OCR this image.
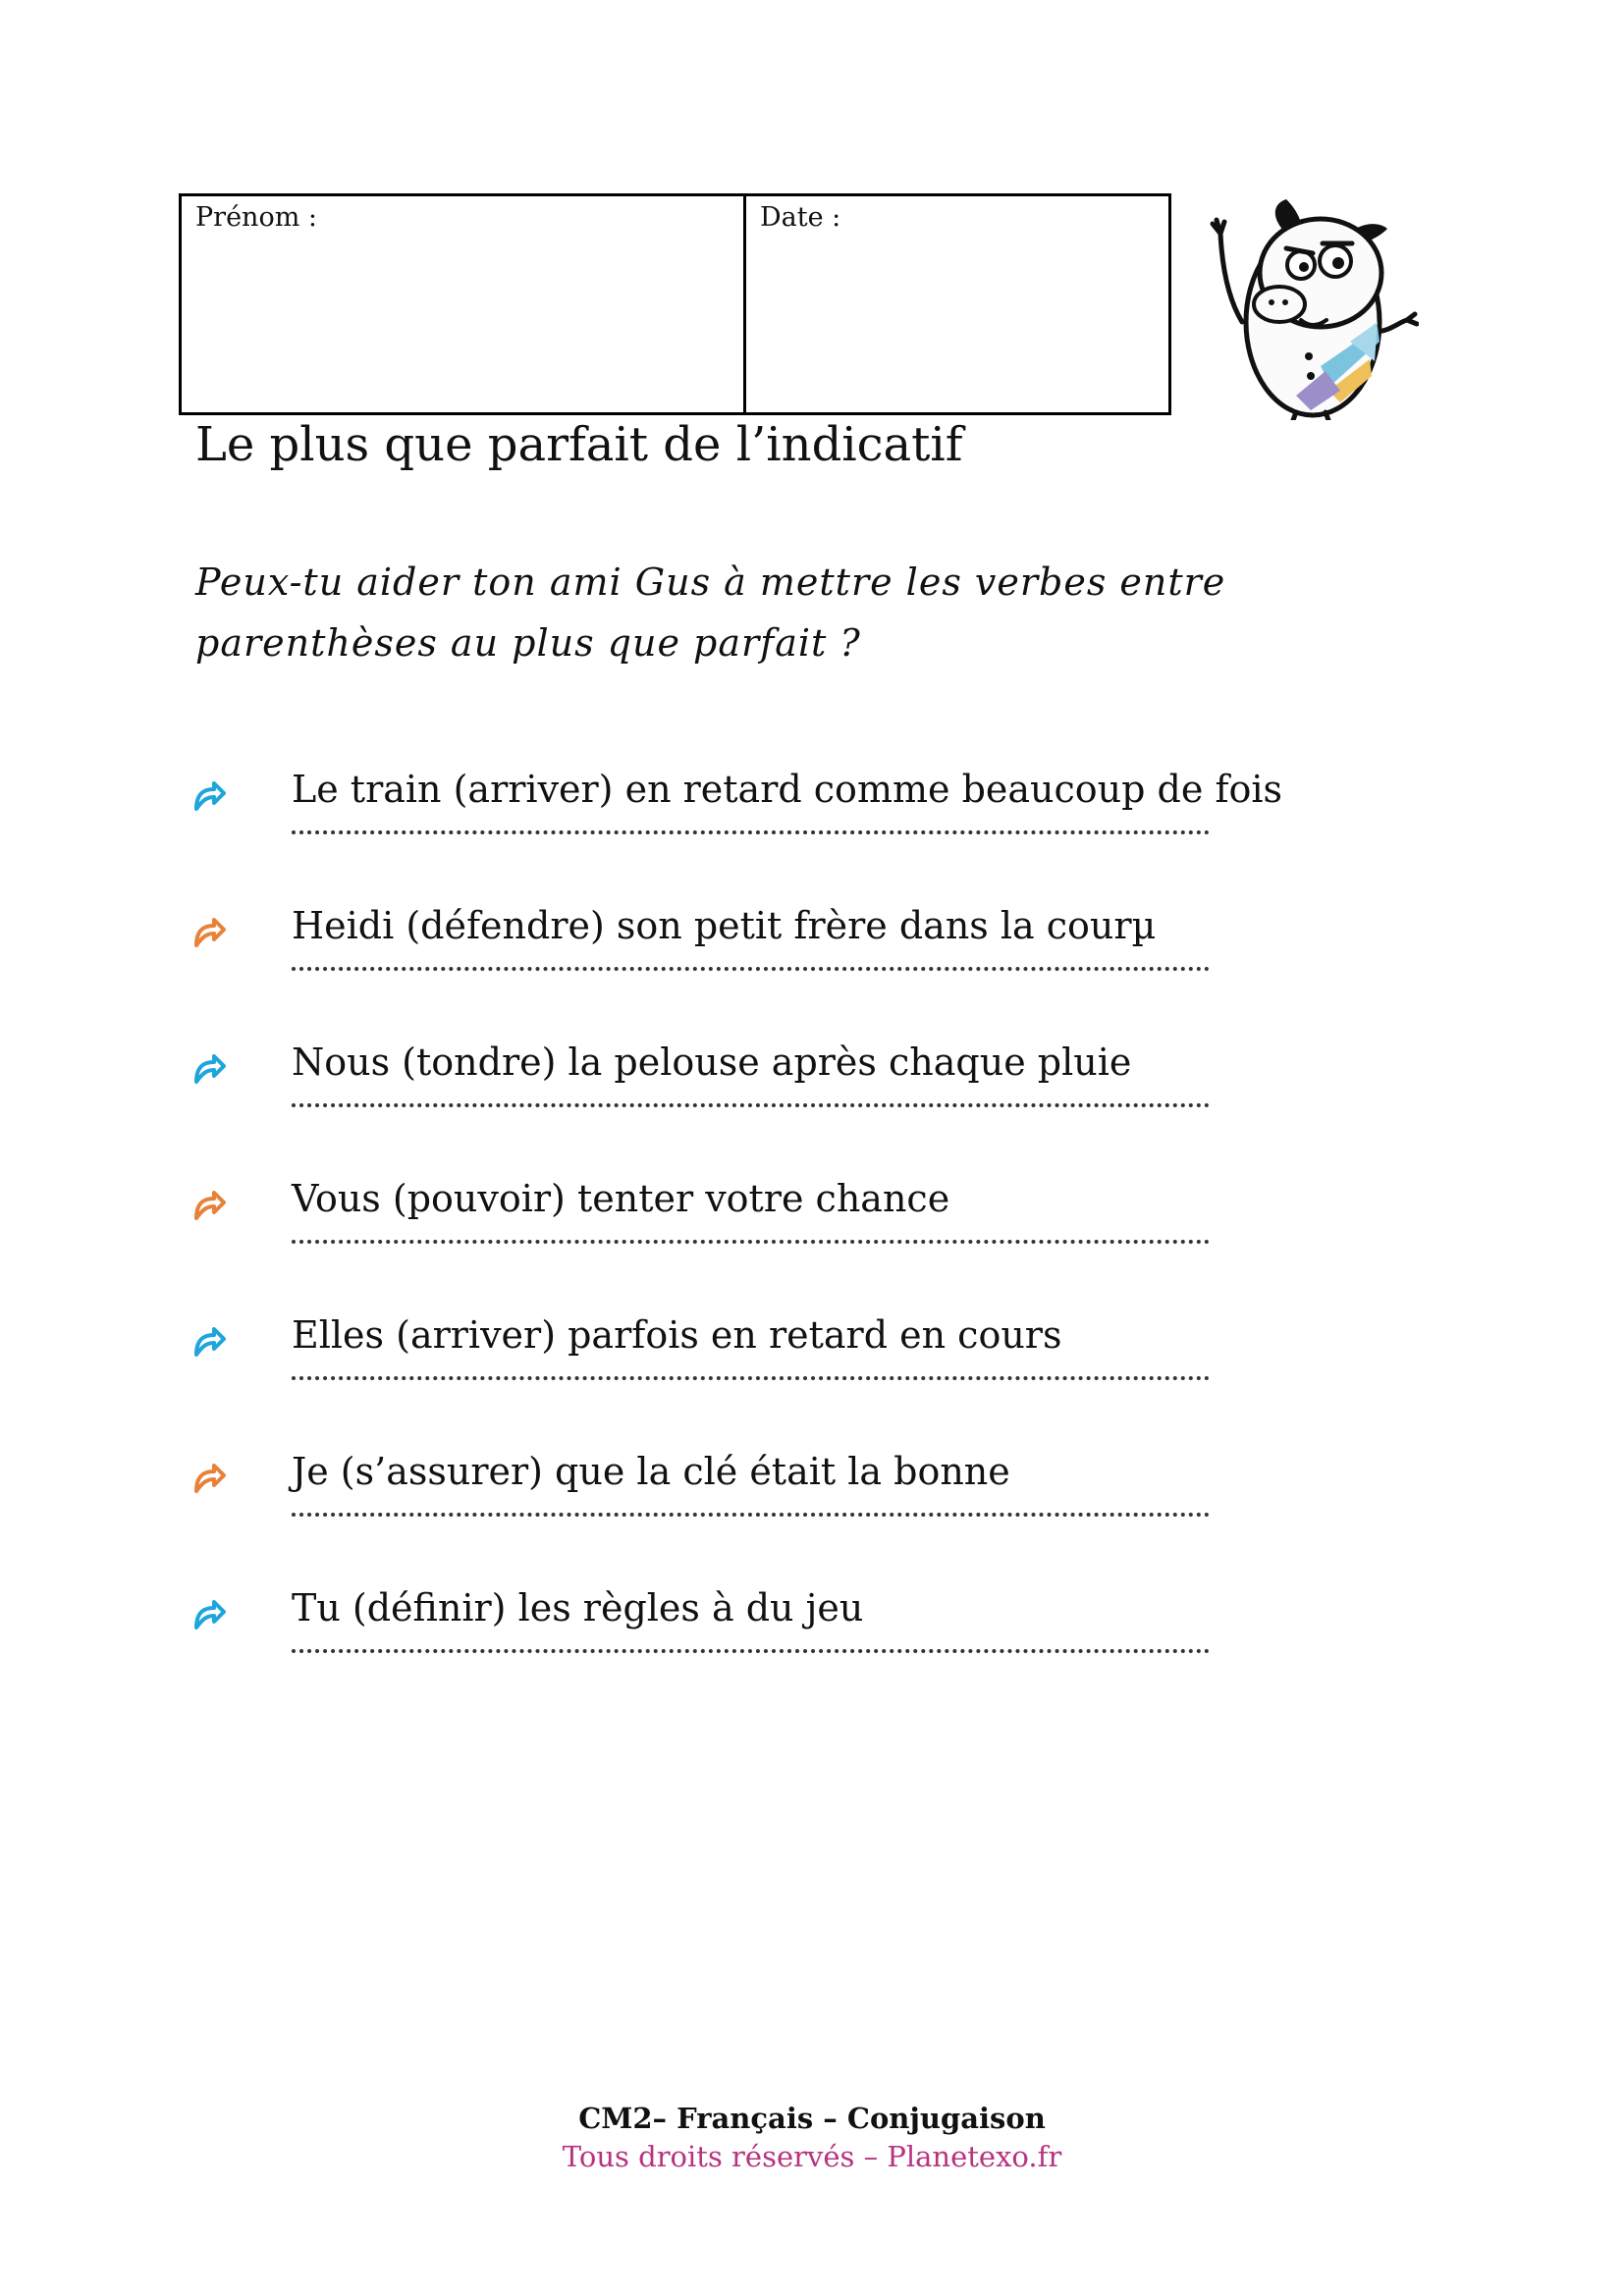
Prénom :	Date :
Le plus que parfait de l’indicatif
Peux-tu aider ton ami Gus à mettre les verbes entre
parenthèses au plus que parfait ?
Le train (arriver) en retard comme beaucoup de fois
Heidi (défendre) son petit frère dans la courµ
Nous (tondre) la pelouse après chaque pluie
Vous (pouvoir) tenter votre chance
Elles (arriver) parfois en retard en cours
Je (s’assurer) que la clé était la bonne
Tu (définir) les règles à du jeu

CM2– Français – Conjugaison

Tous droits réservés – Planetexo.fr
